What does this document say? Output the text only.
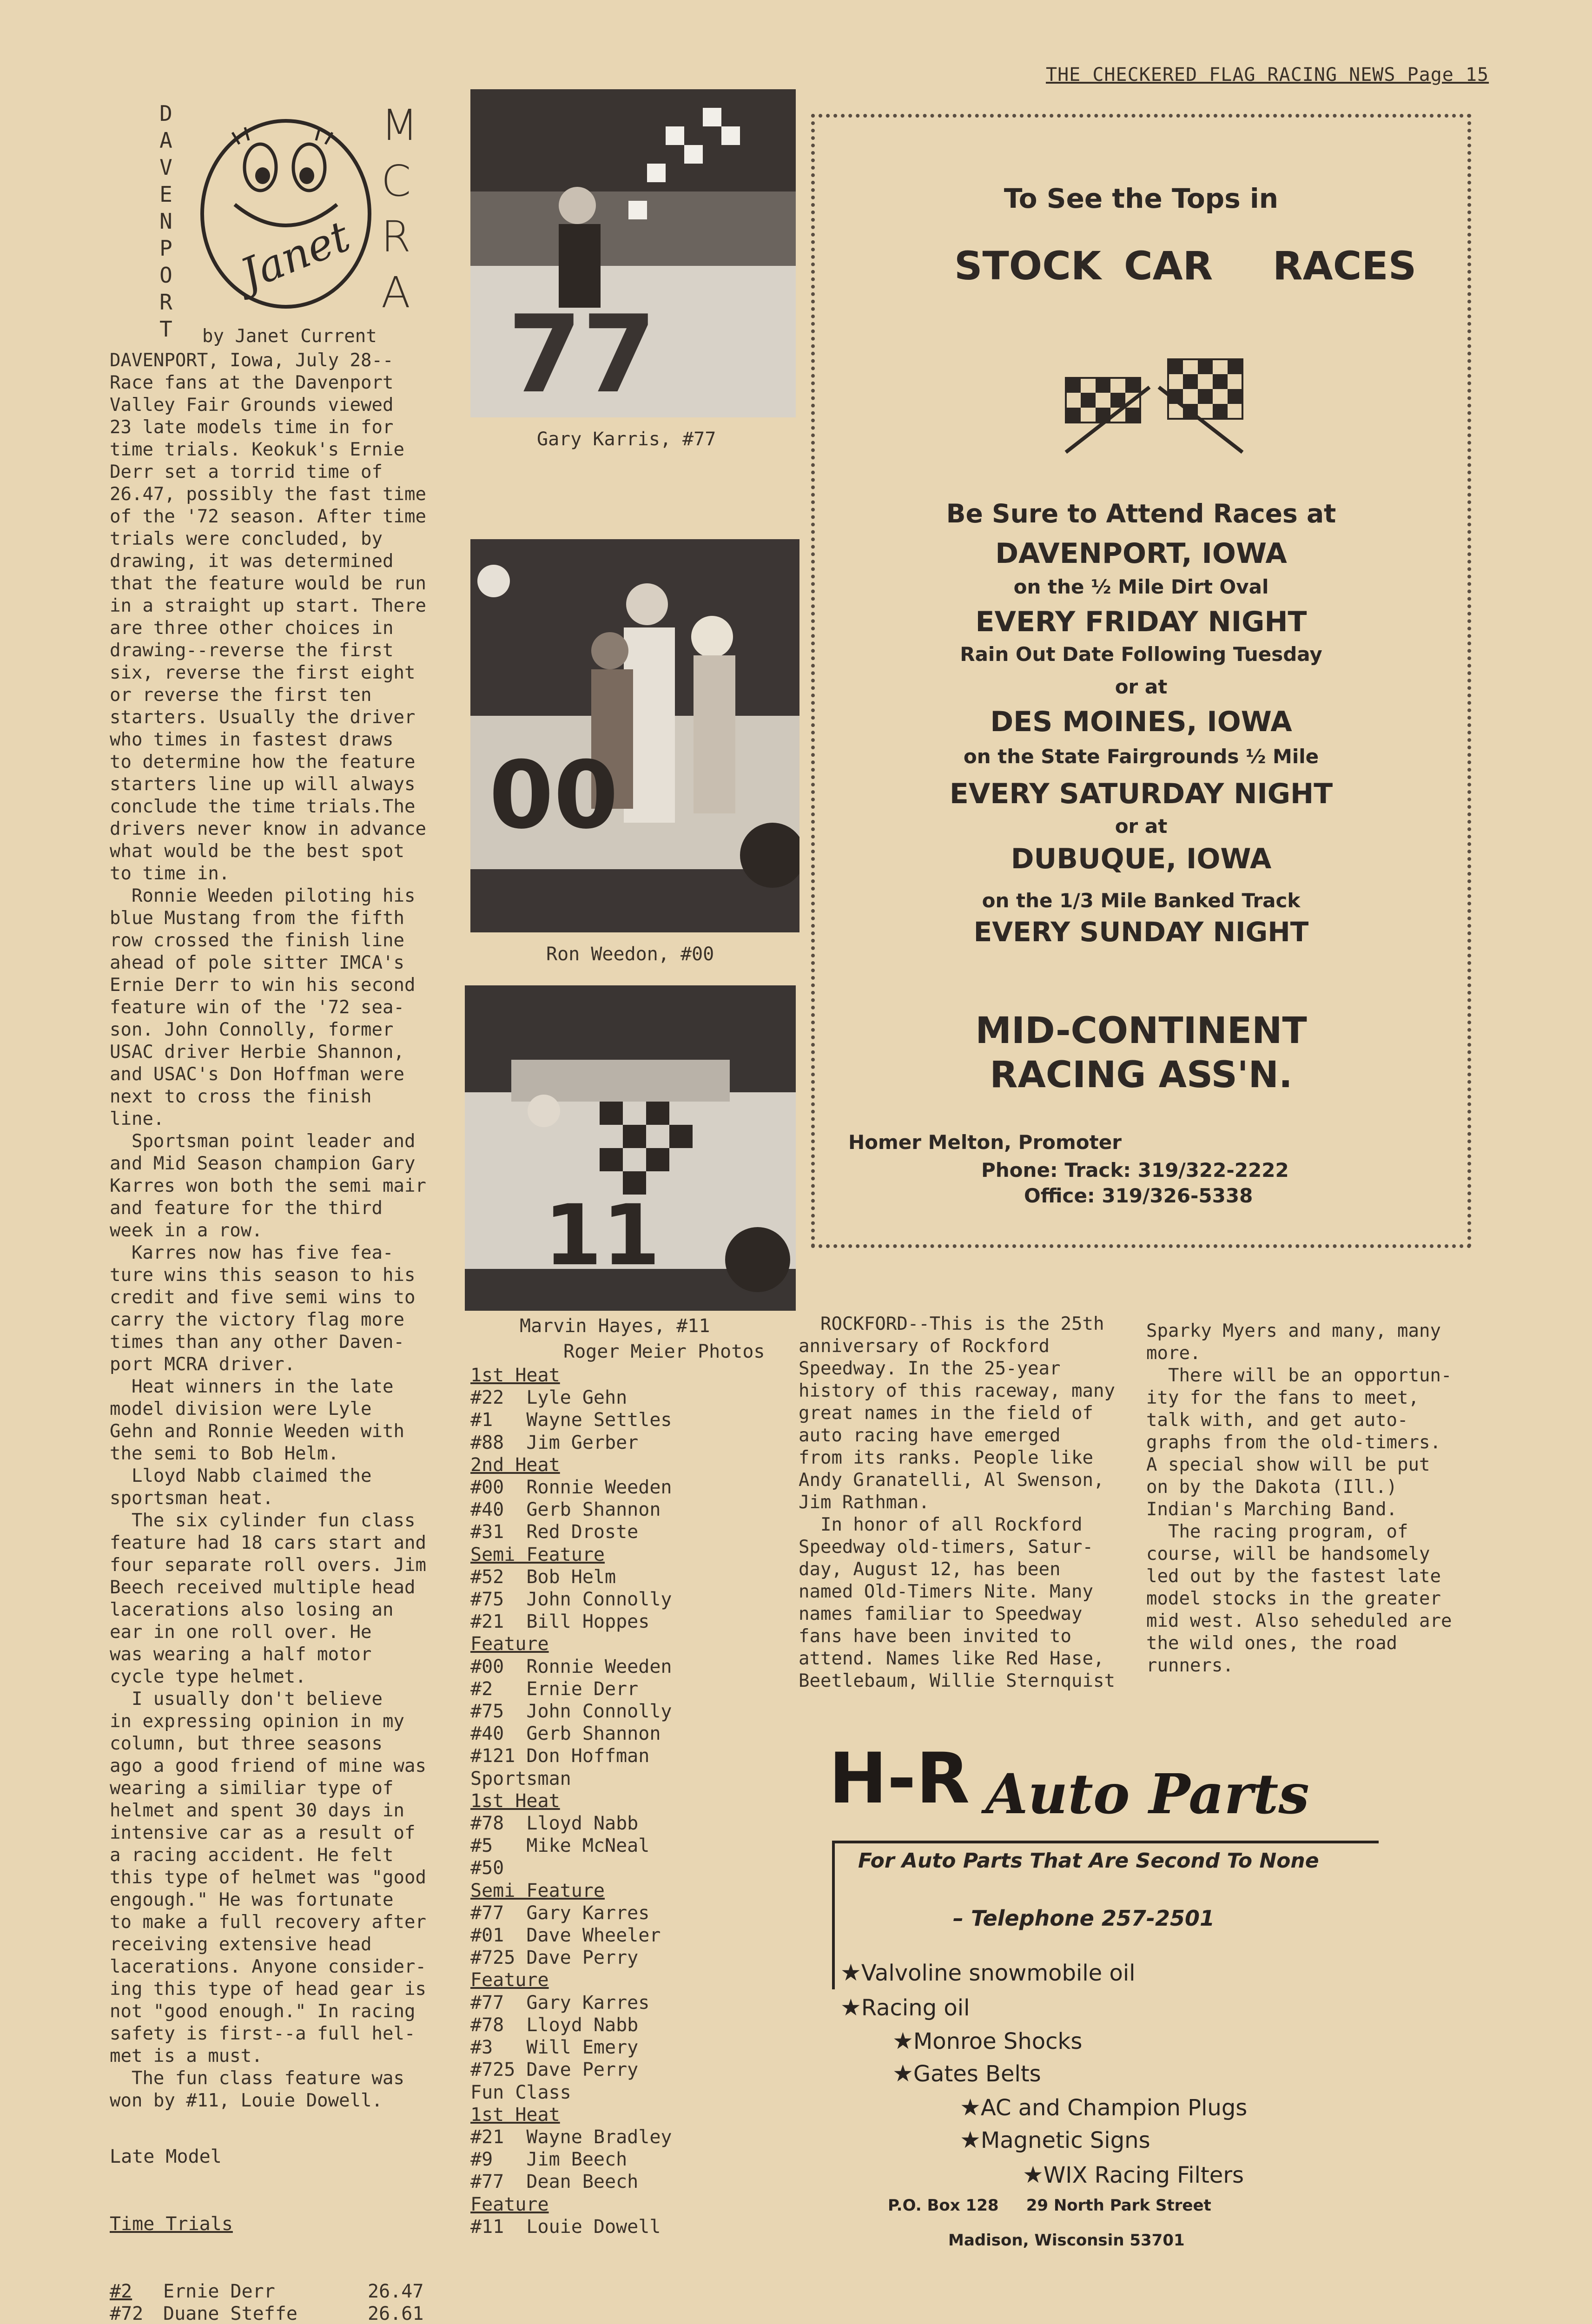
THE CHECKERED FLAG RACING NEWS Page 15
D
A
V
E
N
P
O
R
T
Janet
M
C
R
A
by Janet Current

DAVENPORT, Iowa, July 28--

Race fans at the Davenport

Valley Fair Grounds viewed

23 late models time in for

time trials. Keokuk's Ernie

Derr set a torrid time of

26.47, possibly the fast time

of the '72 season. After time

trials were concluded, by

drawing, it was determined

that the feature would be run

in a straight up start. There

are three other choices in

drawing--reverse the first

six, reverse the first eight

or reverse the first ten

starters. Usually the driver

who times in fastest draws

to determine how the feature

starters line up will always

conclude the time trials.The

drivers never know in advance

what would be the best spot

to time in.

Ronnie Weeden piloting his

blue Mustang from the fifth

row crossed the finish line

ahead of pole sitter IMCA's

Ernie Derr to win his second

feature win of the '72 sea-

son. John Connolly, former

USAC driver Herbie Shannon,

and USAC's Don Hoffman were

next to cross the finish

line.

Sportsman point leader and

and Mid Season champion Gary

Karres won both the semi mair

and feature for the third

week in a row.

Karres now has five fea-

ture wins this season to his

credit and five semi wins to

carry the victory flag more

times than any other Daven-

port MCRA driver.

Heat winners in the late

model division were Lyle

Gehn and Ronnie Weeden with

the semi to Bob Helm.

Lloyd Nabb claimed the

sportsman heat.

The six cylinder fun class

feature had 18 cars start and

four separate roll overs. Jim

Beech received multiple head

lacerations also losing an

ear in one roll over. He

was wearing a half motor

cycle type helmet.

I usually don't believe

in expressing opinion in my

column, but three seasons

ago a good friend of mine was

wearing a similiar type of

helmet and spent 30 days in

intensive car as a result of

a racing accident. He felt

this type of helmet was "good

engough." He was fortunate

to make a full recovery after

receiving extensive head

lacerations. Anyone consider-

ing this type of head gear is

not "good enough." In racing

safety is first--a full hel-

met is a must.

The fun class feature was

won by #11, Louie Dowell.

Late Model

Time Trials

#2 Ernie Derr	26.47
#72 Duane Steffe	26.61

77
Gary Karris, #77
00
Ron Weedon, #00
11
Marvin Hayes, #11
Roger Meier Photos
1st Heat
#22  Lyle Gehn
#1   Wayne Settles
#88  Jim Gerber
2nd Heat
#00  Ronnie Weeden
#40  Gerb Shannon
#31  Red Droste
Semi Feature
#52  Bob Helm
#75  John Connolly
#21  Bill Hoppes
Feature
#00  Ronnie Weeden
#2   Ernie Derr
#75  John Connolly
#40  Gerb Shannon
#121 Don Hoffman
Sportsman
1st Heat
#78  Lloyd Nabb
#5   Mike McNeal
#50
Semi Feature
#77  Gary Karres
#01  Dave Wheeler
#725 Dave Perry
Feature
#77  Gary Karres
#78  Lloyd Nabb
#3   Will Emery
#725 Dave Perry
Fun Class
1st Heat
#21  Wayne Bradley
#9   Jim Beech
#77  Dean Beech
Feature
#11  Louie Dowell

ROCKFORD--This is the 25th

anniversary of Rockford

Speedway. In the 25-year

history of this raceway, many

great names in the field of

auto racing have emerged

from its ranks. People like

Andy Granatelli, Al Swenson,

Jim Rathman.

In honor of all Rockford

Speedway old-timers, Satur-

day, August 12, has been

named Old-Timers Nite. Many

names familiar to Speedway

fans have been invited to

attend. Names like Red Hase,

Beetlebaum, Willie Sternquist

Sparky Myers and many, many

more.

There will be an opportun-

ity for the fans to meet,

talk with, and get auto-

graphs from the old-timers.

A special show will be put

on by the Dakota (Ill.)

Indian's Marching Band.

The racing program, of

course, will be handsomely

led out by the fastest late

model stocks in the greater

mid west. Also seheduled are

the wild ones, the road

runners.

To See the Tops in
STOCK CAR RACES
Be Sure to Attend Races at
DAVENPORT, IOWA
on the ½ Mile Dirt Oval
EVERY FRIDAY NIGHT
Rain Out Date Following Tuesday
or at
DES MOINES, IOWA
on the State Fairgrounds ½ Mile
EVERY SATURDAY NIGHT
or at
DUBUQUE, IOWA
on the 1/3 Mile Banked Track
EVERY SUNDAY NIGHT
MID-CONTINENT
RACING ASS'N.
Homer Melton, Promoter
Phone: Track: 319/322-2222
Office: 319/326-5338
H-R Auto Parts
For Auto Parts That Are Second To None
– Telephone 257-2501
★Valvoline snowmobile oil
★Racing oil
★Monroe Shocks
★Gates Belts
★AC and Champion Plugs
★Magnetic Signs
★WIX Racing Filters
P.O. Box 128     29 North Park Street
Madison, Wisconsin 53701
